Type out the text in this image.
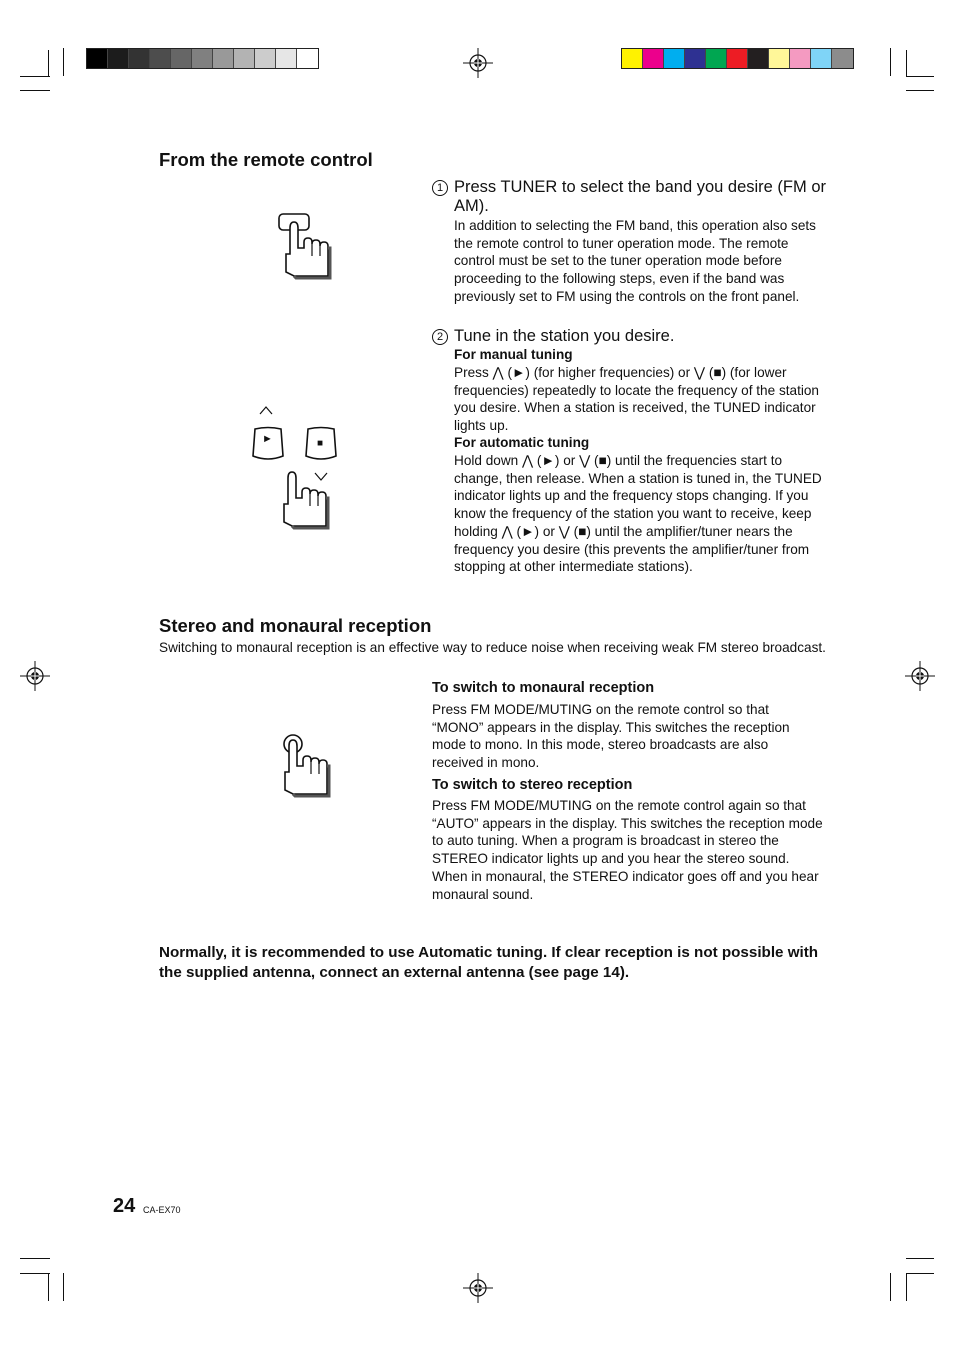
From the remote control
1 Press TUNER to select the band you desire (FM or AM).

In addition to selecting the FM band, this operation also sets the remote control to tuner operation mode. The remote control must be set to the tuner operation mode before proceeding to the following steps, even if the band was previously set to FM using the controls on the front panel.

2 Tune in the station you desire.

For manual tuning

Press ⋀ (►) (for higher frequencies) or ⋁ (■) (for lower frequencies) repeatedly to locate the frequency of the station you desire. When a station is received, the TUNED indicator lights up.

For automatic tuning

Hold down ⋀ (►) or ⋁ (■) until the frequencies start to change, then release. When a station is tuned in, the TUNED indicator lights up and the frequency stops changing. If you know the frequency of the station you want to receive, keep holding ⋀ (►) or ⋁ (■) until the amplifier/tuner nears the frequency you desire (this prevents the amplifier/tuner from stopping at other intermediate stations).

►	■
Stereo and monaural reception

Switching to monaural reception is an effective way to reduce noise when receiving weak FM stereo broadcast.

To switch to monaural reception

Press FM MODE/MUTING on the remote control so that “MONO” appears in the display. This switches the reception mode to mono. In this mode, stereo broadcasts are also received in mono.

To switch to stereo reception

Press FM MODE/MUTING on the remote control again so that “AUTO” appears in the display. This switches the reception mode to auto tuning. When a program is broadcast in stereo the STEREO indicator lights up and you hear the stereo sound. When in monaural, the STEREO indicator goes off and you hear monaural sound.

Normally, it is recommended to use Automatic tuning. If clear reception is not possible with the supplied antenna, connect an external antenna (see page 14).

24 CA-EX70
